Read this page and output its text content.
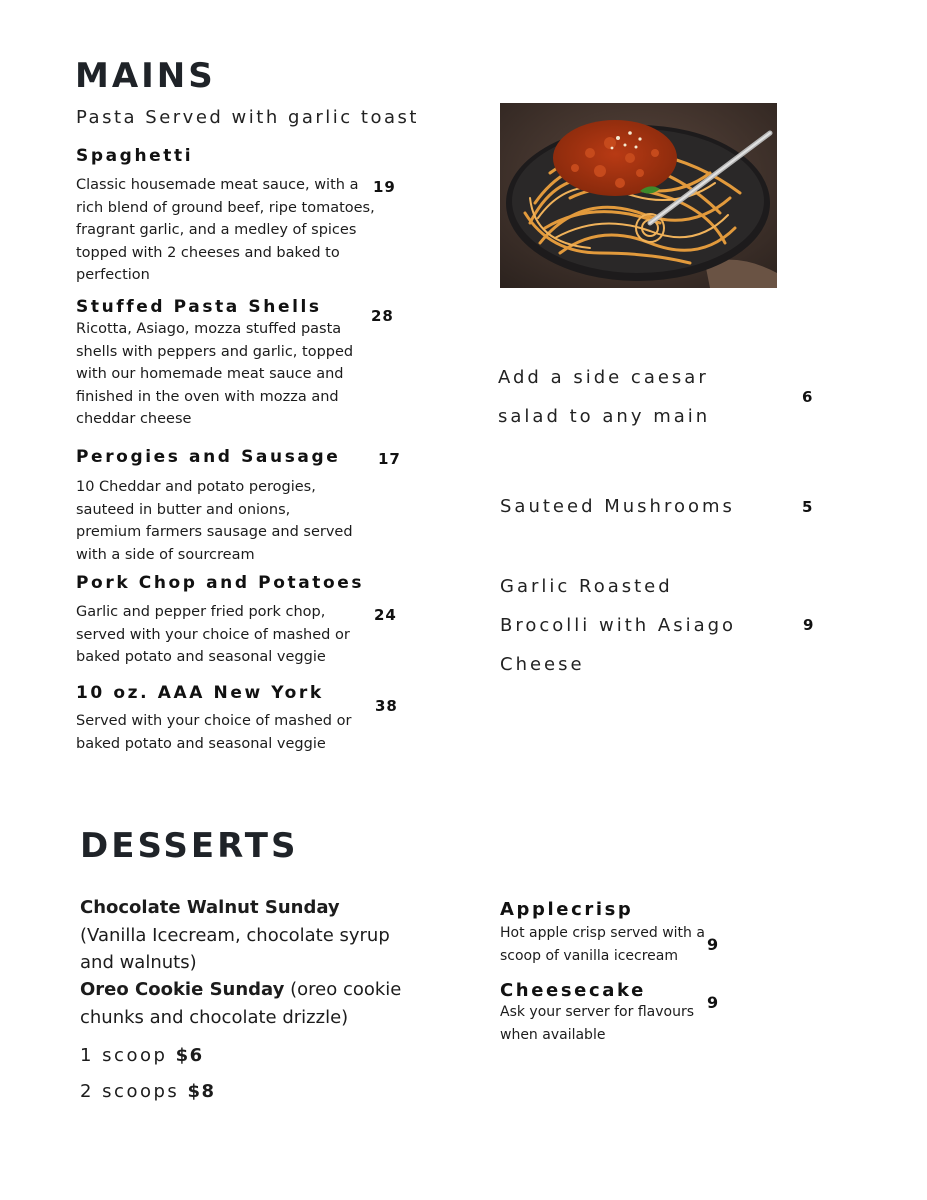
MAINS
Pasta Served with garlic toast
Spaghetti
Classic housemade meat sauce, with a rich blend of ground beef, ripe tomatoes, fragrant garlic, and a medley of spices topped with 2 cheeses and baked to perfection
19
Stuffed Pasta Shells
Ricotta, Asiago, mozza stuffed pasta shells with peppers and garlic, topped with our homemade meat sauce and finished in the oven with mozza and cheddar cheese
28
Perogies and Sausage
10 Cheddar and potato perogies, sauteed in butter and onions, premium farmers sausage and served with a side of sourcream
17
Pork Chop and Potatoes
Garlic and pepper fried pork chop, served with your choice of mashed or baked potato and seasonal veggie
24
10 oz. AAA New York
Served with your choice of mashed or baked potato and seasonal veggie
38
Add a side caesar salad to any main
6
Sauteed Mushrooms	5
Garlic Roasted Brocolli with Asiago Cheese
9
DESSERTS
Chocolate Walnut Sunday (Vanilla Icecream, chocolate syrup and walnuts)
Oreo Cookie Sunday (oreo cookie chunks and chocolate drizzle)
1 scoop $6
2 scoops $8
Applecrisp
Hot apple crisp served with a scoop of vanilla icecream
9
Cheesecake
Ask your server for flavours when available
9
